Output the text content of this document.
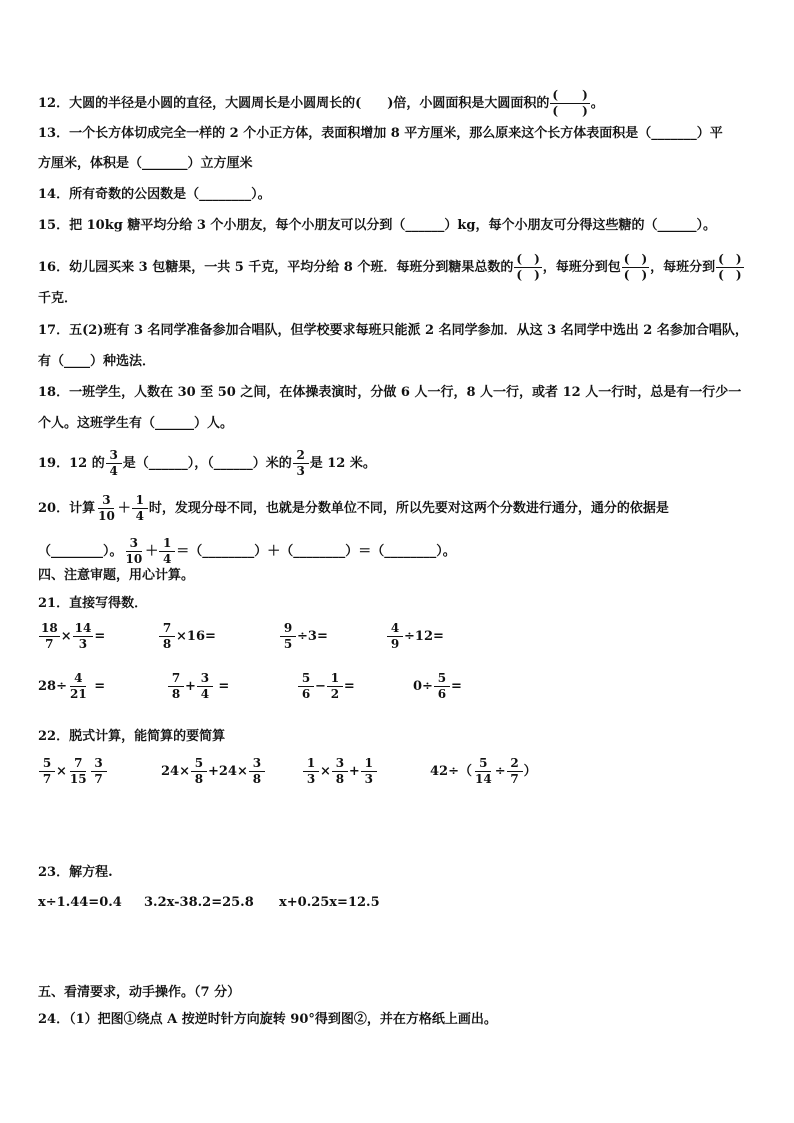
12．大圆的半径是小圆的直径，大圆周长是小圆周长的(　　)倍，小圆面积是大圆面积的 $\frac{( )}{( )}$ 。
13．一个长方体切成完全一样的 2 个小正方体，表面积增加 8 平方厘米，那么原来这个长方体表面积是（_______）平
方厘米，体积是（_______）立方厘米
14．所有奇数的公因数是（________）。
15．把 10kg 糖平均分给 3 个小朋友，每个小朋友可以分到（______）kg，每个小朋友可分得这些糖的（______）。
16．幼儿园买来 3 包糖果，一共 5 千克，平均分给 8 个班．每班分到糖果总数的 $\frac{( )}{( )}$ ，每班分到包 $\frac{( )}{( )}$ ，每班分到 $\frac{( )}{( )}$
千克．
17．五(2)班有 3 名同学准备参加合唱队，但学校要求每班只能派 2 名同学参加．从这 3 名同学中选出 2 名参加合唱队，
有（____）种选法．
18．一班学生，人数在 30 至 50 之间，在体操表演时，分做 6 人一行，8 人一行，或者 12 人一行时，总是有一行少一
个人。这班学生有（______）人。
19．12 的 $\frac{3}{4}$ 是（______），（______）米的 $\frac{2}{3}$ 是 12 米。
20．计算 $\frac{3}{10} + \frac{1}{4}$ 时，发现分母不同，也就是分数单位不同，所以先要对这两个分数进行通分，通分的依据是
（________）。 $\frac{3}{10} + \frac{1}{4}$ ＝（________）＋（________）＝（________）。
四、注意审题，用心计算。
21．直接写得数．
$\frac{18}{7} \times \frac{14}{3}$ =	$\frac{7}{8} \times 16=$	$\frac{9}{5} \div 3=$	$\frac{4}{9} \div 12=$
$28\div \frac{4}{21}$ =	$\frac{7}{8} + \frac{3}{4}$ =	$\frac{5}{6} - \frac{1}{2}$ =	$0\div \frac{5}{6}$ =
22．脱式计算，能简算的要简算
$\frac{5}{7} \times \frac{7}{15} \frac{3}{7}$	$24\times \frac{5}{8} +24\times \frac{3}{8}$	$\frac{1}{3} \times \frac{3}{8} + \frac{1}{3}$	$42\div( \frac{5}{14} \div \frac{2}{7}$ ）
23．解方程.
x÷1.44=0.4 3.2x-38.2=25.8 x+0.25x=12.5
五、看清要求，动手操作。（7 分）
24．（1）把图①绕点 A 按逆时针方向旋转 90°得到图②，并在方格纸上画出。
